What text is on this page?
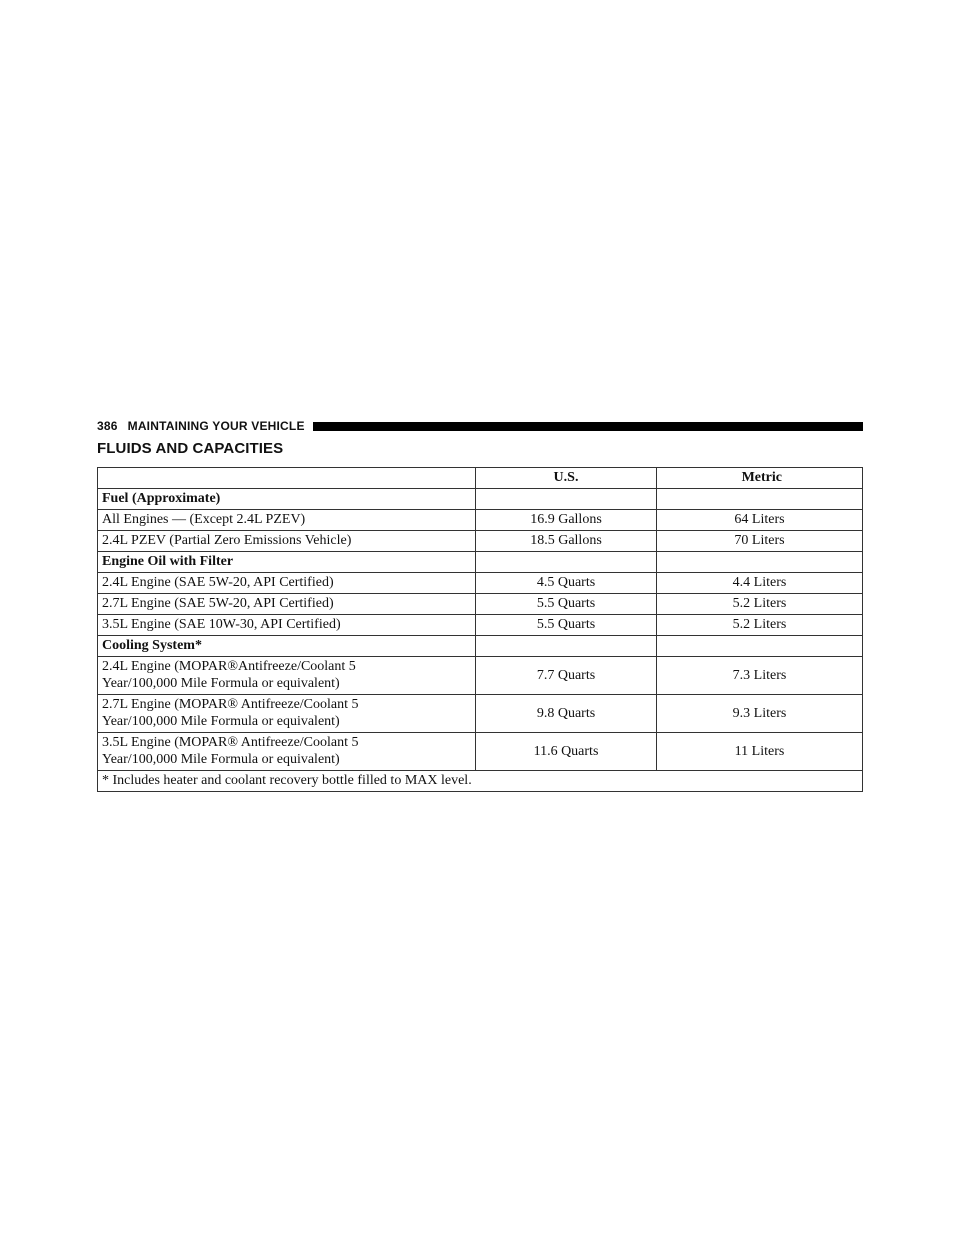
386 MAINTAINING YOUR VEHICLE
FLUIDS AND CAPACITIES
	U.S.	Metric
Fuel (Approximate)		
All Engines — (Except 2.4L PZEV)	16.9 Gallons	64 Liters
2.4L PZEV (Partial Zero Emissions Vehicle)	18.5 Gallons	70 Liters
Engine Oil with Filter		
2.4L Engine (SAE 5W-20, API Certified)	4.5 Quarts	4.4 Liters
2.7L Engine (SAE 5W-20, API Certified)	5.5 Quarts	5.2 Liters
3.5L Engine (SAE 10W-30, API Certified)	5.5 Quarts	5.2 Liters
Cooling System*		

2.4L Engine (MOPAR®Antifreeze/Coolant 5
Year/100,000 Mile Formula or equivalent)	7.7 Quarts	7.3 Liters

2.7L Engine (MOPAR® Antifreeze/Coolant 5
Year/100,000 Mile Formula or equivalent)	9.8 Quarts	9.3 Liters

3.5L Engine (MOPAR® Antifreeze/Coolant 5
Year/100,000 Mile Formula or equivalent)	11.6 Quarts	11 Liters
* Includes heater and coolant recovery bottle filled to MAX level.		
